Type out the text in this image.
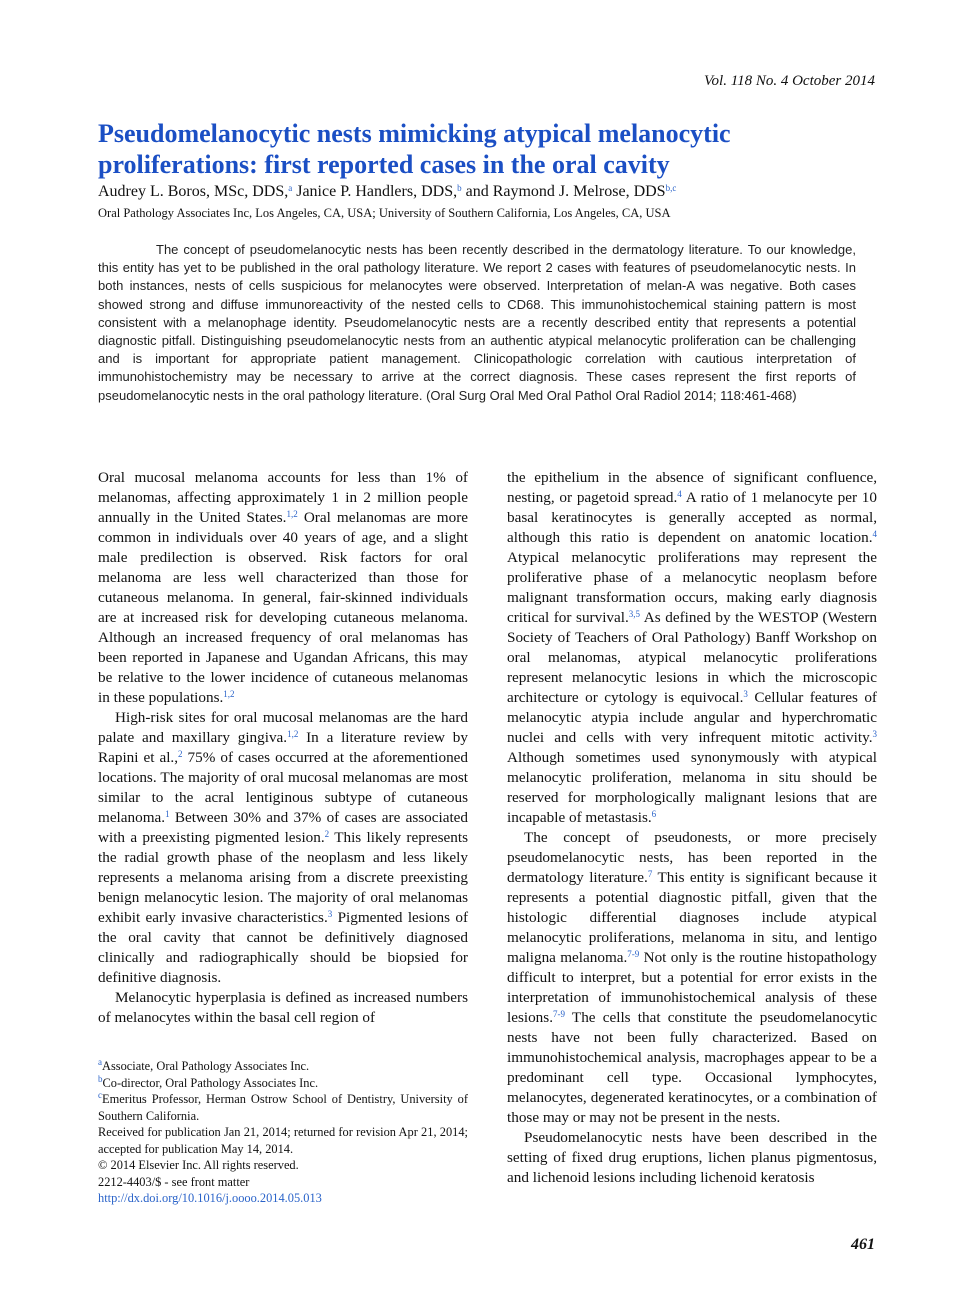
Vol. 118 No. 4 October 2014
Pseudomelanocytic nests mimicking atypical melanocytic proliferations: first reported cases in the oral cavity
Audrey L. Boros, MSc, DDS,$^a$ Janice P. Handlers, DDS,$^b$ and Raymond J. Melrose, DDS$^{b,c}$
Oral Pathology Associates Inc, Los Angeles, CA, USA; University of Southern California, Los Angeles, CA, USA

The concept of pseudomelanocytic nests has been recently described in the dermatology literature. To our knowledge, this entity has yet to be published in the oral pathology literature. We report 2 cases with features of pseudomelanocytic nests. In both instances, nests of cells suspicious for melanocytes were observed. Interpretation of melan-A was negative. Both cases showed strong and diffuse immunoreactivity of the nested cells to CD68. This immunohistochemical staining pattern is most consistent with a melanophage identity. Pseudomelanocytic nests are a recently described entity that represents a potential diagnostic pitfall. Distinguishing pseudomelanocytic nests from an authentic atypical melanocytic proliferation can be challenging and is important for appropriate patient management. Clinicopathologic correlation with cautious interpretation of immunohistochemistry may be necessary to arrive at the correct diagnosis. These cases represent the first reports of pseudomelanocytic nests in the oral pathology literature. (Oral Surg Oral Med Oral Pathol Oral Radiol 2014; 118:461-468)

Oral mucosal melanoma accounts for less than 1% of melanomas, affecting approximately 1 in 2 million people annually in the United States.$^{1,2}$ Oral melanomas are more common in individuals over 40 years of age, and a slight male predilection is observed. Risk factors for oral melanoma are less well characterized than those for cutaneous melanoma. In general, fair-skinned individuals are at increased risk for developing cutaneous melanoma. Although an increased frequency of oral melanomas has been reported in Japanese and Ugandan Africans, this may be relative to the lower incidence of cutaneous melanomas in these populations.$^{1,2}$

High-risk sites for oral mucosal melanomas are the hard palate and maxillary gingiva.$^{1,2}$ In a literature review by Rapini et al.,$^2$ 75% of cases occurred at the aforementioned locations. The majority of oral mucosal melanomas are most similar to the acral lentiginous subtype of cutaneous melanoma.$^1$ Between 30% and 37% of cases are associated with a preexisting pigmented lesion.$^2$ This likely represents the radial growth phase of the neoplasm and less likely represents a melanoma arising from a discrete preexisting benign melanocytic lesion. The majority of oral melanomas exhibit early invasive characteristics.$^3$ Pigmented lesions of the oral cavity that cannot be definitively diagnosed clinically and radiographically should be biopsied for definitive diagnosis.

Melanocytic hyperplasia is defined as increased numbers of melanocytes within the basal cell region of

the epithelium in the absence of significant confluence, nesting, or pagetoid spread.$^4$ A ratio of 1 melanocyte per 10 basal keratinocytes is generally accepted as normal, although this ratio is dependent on anatomic location.$^4$ Atypical melanocytic proliferations may represent the proliferative phase of a melanocytic neoplasm before malignant transformation occurs, making early diagnosis critical for survival.$^{3,5}$ As defined by the WESTOP (Western Society of Teachers of Oral Pathology) Banff Workshop on oral melanomas, atypical melanocytic proliferations represent melanocytic lesions in which the microscopic architecture or cytology is equivocal.$^3$ Cellular features of melanocytic atypia include angular and hyperchromatic nuclei and cells with very infrequent mitotic activity.$^3$ Although sometimes used synonymously with atypical melanocytic proliferation, melanoma in situ should be reserved for morphologically malignant lesions that are incapable of metastasis.$^6$

The concept of pseudonests, or more precisely pseudomelanocytic nests, has been reported in the dermatology literature.$^7$ This entity is significant because it represents a potential diagnostic pitfall, given that the histologic differential diagnoses include atypical melanocytic proliferations, melanoma in situ, and lentigo maligna melanoma.$^{7-9}$ Not only is the routine histopathology difficult to interpret, but a potential for error exists in the interpretation of immunohistochemical analysis of these lesions.$^{7-9}$ The cells that constitute the pseudomelanocytic nests have not been fully characterized. Based on immunohistochemical analysis, macrophages appear to be a predominant cell type. Occasional lymphocytes, melanocytes, degenerated keratinocytes, or a combination of those may or may not be present in the nests.

Pseudomelanocytic nests have been described in the setting of fixed drug eruptions, lichen planus pigmentosus, and lichenoid lesions including lichenoid keratosis

$^a$Associate, Oral Pathology Associates Inc.
$^b$Co-director, Oral Pathology Associates Inc.
$^c$Emeritus Professor, Herman Ostrow School of Dentistry, University of Southern California.
Received for publication Jan 21, 2014; returned for revision Apr 21, 2014; accepted for publication May 14, 2014.
© 2014 Elsevier Inc. All rights reserved.
2212-4403/$ - see front matter
http://dx.doi.org/10.1016/j.oooo.2014.05.013
461
